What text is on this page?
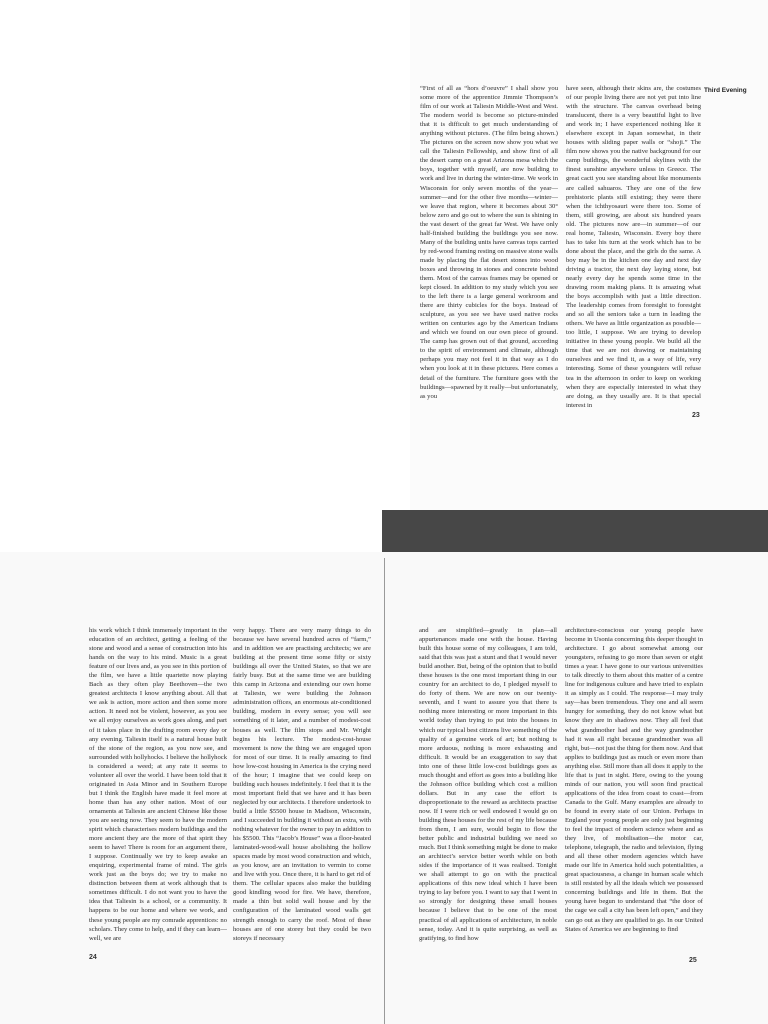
“First of all as “hors d’oeuvre” I shall show you some more of the apprentice Jimmie Thompson’s film of our work at Taliesin Middle-West and West. The modern world is become so picture-minded that it is difficult to get much understanding of anything without pictures. (The film being shown.) The pictures on the screen now show you what we call the Taliesin Fellowship, and show first of all the desert camp on a great Arizona mesa which the boys, together with myself, are now building to work and live in during the winter-time. We work in Wisconsin for only seven months of the year—summer—and for the other five months—winter—we leave that region, where it becomes about 30° below zero and go out to where the sun is shining in the vast desert of the great far West. We have only half-finished building the buildings you see now. Many of the building units have canvas tops carried by red-wood framing resting on massive stone walls made by placing the flat desert stones into wood boxes and throwing in stones and concrete behind them. Most of the canvas frames may be opened or kept closed. In addition to my study which you see to the left there is a large general workroom and there are thirty cubicles for the boys. Instead of sculpture, as you see we have used native rocks written on centuries ago by the American Indians and which we found on our own piece of ground. The camp has grown out of that ground, according to the spirit of environment and climate, although perhaps you may not feel it in that way as I do when you look at it in these pictures. Here comes a detail of the furniture. The furniture goes with the buildings—spawned by it really—but unfortunately, as you

have seen, although their skins are, the costumes of our people living there are not yet put into line with the structure. The canvas overhead being translucent, there is a very beautiful light to live and work in; I have experienced nothing like it elsewhere except in Japan somewhat, in their houses with sliding paper walls or “shoji.” The film now shows you the native background for our camp buildings, the wonderful skylines with the finest sunshine anywhere unless in Greece. The great cacti you see standing about like monuments are called sahuaros. They are one of the few prehistoric plants still existing; they were there when the ichthyosauri were there too. Some of them, still growing, are about six hundred years old. The pictures now are—in summer—of our real home, Taliesin, Wisconsin. Every boy there has to take his turn at the work which has to be done about the place, and the girls do the same. A boy may be in the kitchen one day and next day driving a tractor, the next day laying stone, but nearly every day he spends some time in the drawing room making plans. It is amazing what the boys accomplish with just a little direction. The leadership comes from foresight to foresight and so all the seniors take a turn in leading the others. We have as little organization as possible—too little, I suppose. We are trying to develop initiative in these young people. We build all the time that we are not drawing or maintaining ourselves and we find it, as a way of life, very interesting. Some of these youngsters will refuse tea in the afternoon in order to keep on working when they are especially interested in what they are doing, as they usually are. It is that special interest in

23
Third Evening

his work which I think immensely important in the education of an architect, getting a feeling of the stone and wood and a sense of construction into his hands on the way to his mind. Music is a great feature of our lives and, as you see in this portion of the film, we have a little quartette now playing Bach as they often play Beethoven—the two greatest architects I know anything about. All that we ask is action, more action and then some more action. It need not be violent, however, as you see we all enjoy ourselves as work goes along, and part of it takes place in the drafting room every day or any evening. Taliesin itself is a natural house built of the stone of the region, as you now see, and surrounded with hollyhocks. I believe the hollyhock is considered a weed; at any rate it seems to volunteer all over the world. I have been told that it originated in Asia Minor and in Southern Europe but I think the English have made it feel more at home than has any other nation. Most of our ornaments at Taliesin are ancient Chinese like those you are seeing now. They seem to have the modern spirit which characterises modern buildings and the more ancient they are the more of that spirit they seem to have! There is room for an argument there, I suppose. Continually we try to keep awake an enquiring, experimental frame of mind. The girls work just as the boys do; we try to make no distinction between them at work although that is sometimes difficult. I do not want you to have the idea that Taliesin is a school, or a community. It happens to be our home and where we work, and these young people are my comrade apprentices: no scholars. They come to help, and if they can learn—well, we are

very happy. There are very many things to do because we have several hundred acres of “farm,” and in addition we are practising architects; we are building at the present time some fifty or sixty buildings all over the United States, so that we are fairly busy. But at the same time we are building this camp in Arizona and extending our own home at Taliesin, we were building the Johnson administration offices, an enormous air-conditioned building, modern in every sense; you will see something of it later, and a number of modest-cost houses as well. The film stops and Mr. Wright begins his lecture. The modest-cost-house movement is now the thing we are engaged upon for most of our time. It is really amazing to find how low-cost housing in America is the crying need of the hour; I imagine that we could keep on building such houses indefinitely. I feel that it is the most important field that we have and it has been neglected by our architects. I therefore undertook to build a little $5500 house in Madison, Wisconsin, and I succeeded in building it without an extra, with nothing whatever for the owner to pay in addition to his $5500. This “Jacob’s House” was a floor-heated laminated-wood-wall house abolishing the hollow spaces made by most wood construction and which, as you know, are an invitation to vermin to come and live with you. Once there, it is hard to get rid of them. The cellular spaces also make the building good kindling wood for fire. We have, therefore, made a thin but solid wall house and by the configuration of the laminated wood walls get strength enough to carry the roof. Most of these houses are of one storey but they could be two storeys if necessary

24

and are simplified—greatly in plan—all appurtenances made one with the house. Having built this house some of my colleagues, I am told, said that this was just a stunt and that I would never build another. But, being of the opinion that to build these houses is the one most important thing in our country for an architect to do, I pledged myself to do forty of them. We are now on our twenty-seventh, and I want to assure you that there is nothing more interesting or more important in this world today than trying to put into the houses in which our typical best citizens live something of the quality of a genuine work of art; but nothing is more arduous, nothing is more exhausting and difficult. It would be an exaggeration to say that into one of these little low-cost buildings goes as much thought and effort as goes into a building like the Johnson office building which cost a million dollars. But in any case the effort is disproportionate to the reward as architects practise now. If I were rich or well endowed I would go on building these houses for the rest of my life because from them, I am sure, would begin to flow the better public and industrial building we need so much. But I think something might be done to make an architect’s service better worth while on both sides if the importance of it was realised. Tonight we shall attempt to go on with the practical applications of this new ideal which I have been trying to lay before you. I want to say that I went in so strongly for designing these small houses because I believe that to be one of the most practical of all applications of architecture, in noble sense, today. And it is quite surprising, as well as gratifying, to find how

architecture-conscious our young people have become in Usonia concerning this deeper thought in architecture. I go about somewhat among our youngsters, refusing to go more than seven or eight times a year. I have gone to our various universities to talk directly to them about this matter of a centre line for indigenous culture and have tried to explain it as simply as I could. The response—I may truly say—has been tremendous. They one and all seem hungry for something, they do not know what but know they are in shadows now. They all feel that what grandmother had and the way grandmother had it was all right because grandmother was all right, but—not just the thing for them now. And that applies to buildings just as much or even more than anything else. Still more than all does it apply to the life that is just in sight. Here, owing to the young minds of our nation, you will soon find practical applications of the idea from coast to coast—from Canada to the Gulf. Many examples are already to be found in every state of our Union. Perhaps in England your young people are only just beginning to feel the impact of modern science where and as they live, of mobilisation—the motor car, telephone, telegraph, the radio and television, flying and all these other modern agencies which have made our life in America hold such potentialities, a great spaciousness, a change in human scale which is still resisted by all the ideals which we possessed concerning buildings and life in them. But the young have begun to understand that “the door of the cage we call a city has been left open,” and they can go out as they are qualified to go. In our United States of America we are beginning to find

25
